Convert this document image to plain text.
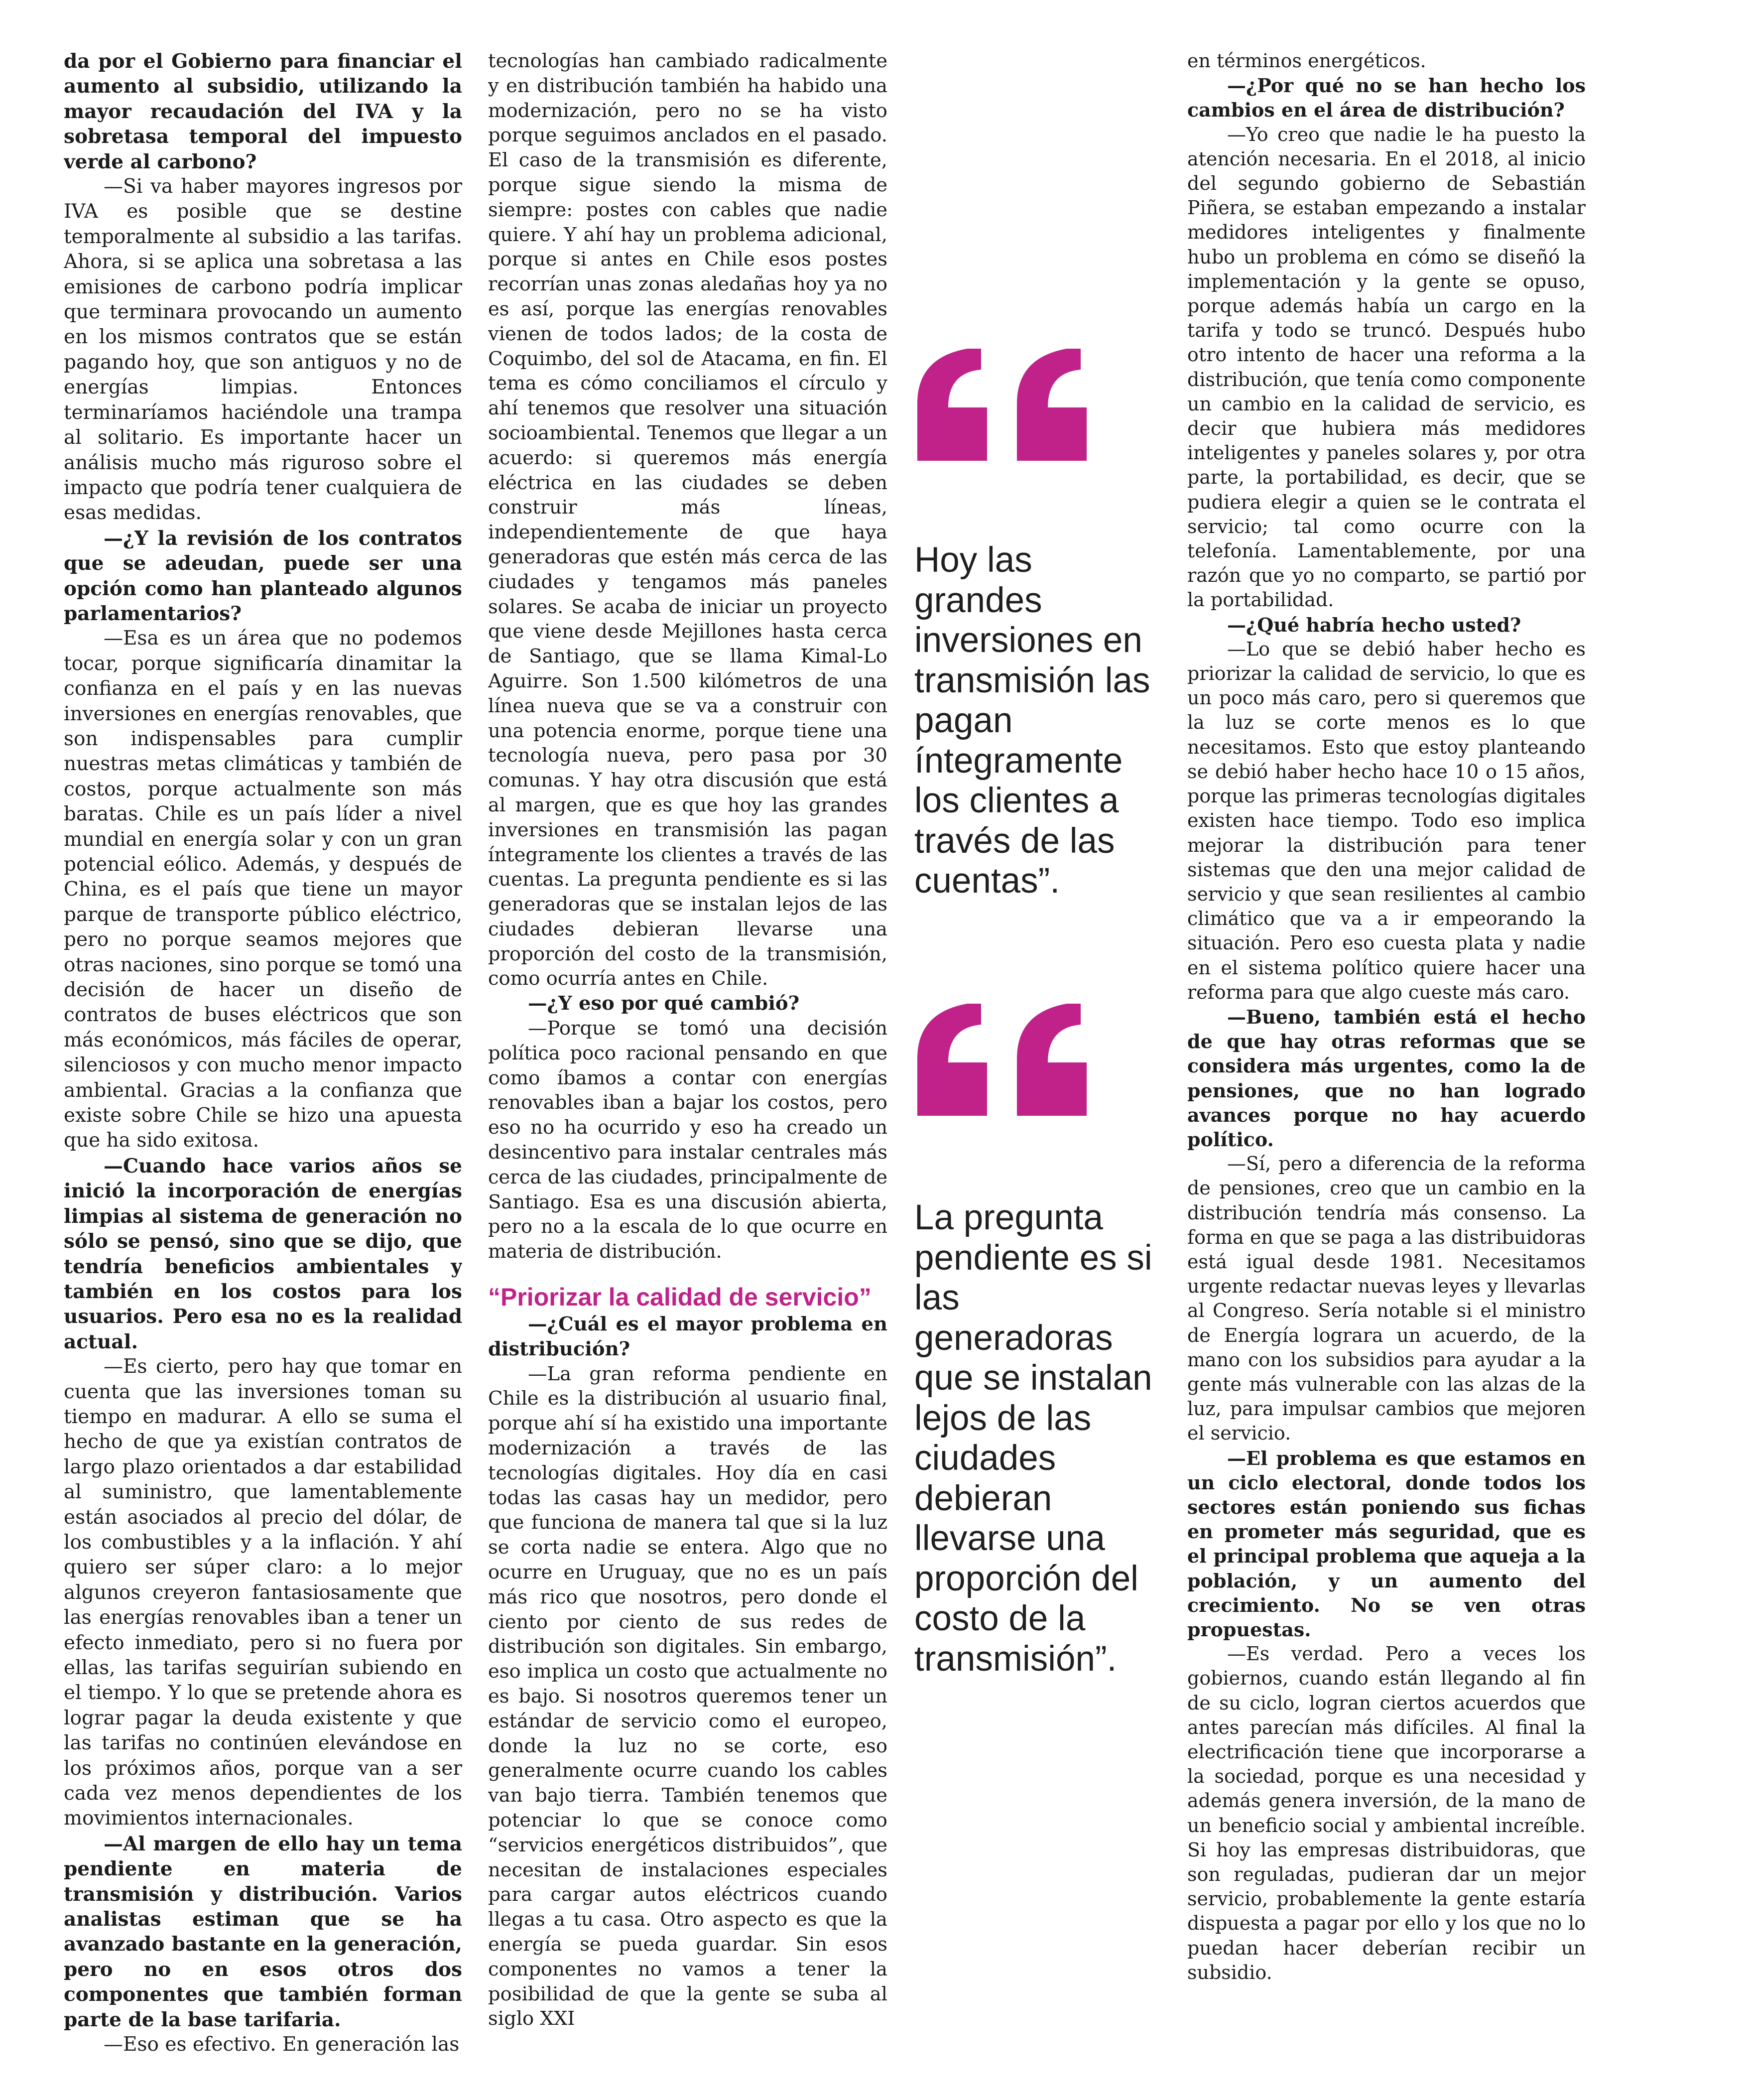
da por el Gobierno para financiar el aumento al subsidio, utilizando la mayor recaudación del IVA y la sobretasa temporal del impuesto verde al carbono?

—Si va haber mayores ingresos por IVA es posible que se destine temporalmente al subsidio a las tarifas. Ahora, si se aplica una sobretasa a las emisiones de carbono podría implicar que terminara provocando un aumento en los mismos contratos que se están pagando hoy, que son antiguos y no de energías limpias. Entonces terminaríamos haciéndole una trampa al solitario. Es importante hacer un análisis mucho más riguroso sobre el impacto que podría tener cualquiera de esas medidas.

—¿Y la revisión de los contratos que se adeudan, puede ser una opción como han planteado algunos parlamentarios?

—Esa es un área que no podemos tocar, porque significaría dinamitar la confianza en el país y en las nuevas inversiones en energías renovables, que son indispensables para cumplir nuestras metas climáticas y también de costos, porque actualmente son más baratas. Chile es un país líder a nivel mundial en energía solar y con un gran potencial eólico. Además, y después de China, es el país que tiene un mayor parque de transporte público eléctrico, pero no porque seamos mejores que otras naciones, sino porque se tomó una decisión de hacer un diseño de contratos de buses eléctricos que son más económicos, más fáciles de operar, silenciosos y con mucho menor impacto ambiental. Gracias a la confianza que existe sobre Chile se hizo una apuesta que ha sido exitosa.

—Cuando hace varios años se inició la incorporación de energías limpias al sistema de generación no sólo se pensó, sino que se dijo, que tendría beneficios ambientales y también en los costos para los usuarios. Pero esa no es la realidad actual.

—Es cierto, pero hay que tomar en cuenta que las inversiones toman su tiempo en madurar. A ello se suma el hecho de que ya existían contratos de largo plazo orientados a dar estabilidad al suministro, que lamentablemente están asociados al precio del dólar, de los combustibles y a la inflación. Y ahí quiero ser súper claro: a lo mejor algunos creyeron fantasiosamente que las energías renovables iban a tener un efecto inmediato, pero si no fuera por ellas, las tarifas seguirían subiendo en el tiempo. Y lo que se pretende ahora es lograr pagar la deuda existente y que las tarifas no continúen elevándose en los próximos años, porque van a ser cada vez menos dependientes de los movimientos internacionales.

—Al margen de ello hay un tema pendiente en materia de transmisión y distribución. Varios analistas estiman que se ha avanzado bastante en la generación, pero no en esos otros dos componentes que también forman parte de la base tarifaria.

—Eso es efectivo. En generación las

tecnologías han cambiado radicalmente y en distribución también ha habido una modernización, pero no se ha visto porque seguimos anclados en el pasado. El caso de la transmisión es diferente, porque sigue siendo la misma de siempre: postes con cables que nadie quiere. Y ahí hay un problema adicional, porque si antes en Chile esos postes recorrían unas zonas aledañas hoy ya no es así, porque las energías renovables vienen de todos lados; de la costa de Coquimbo, del sol de Atacama, en fin. El tema es cómo conciliamos el círculo y ahí tenemos que resolver una situación socioambiental. Tenemos que llegar a un acuerdo: si queremos más energía eléctrica en las ciudades se deben construir más líneas, independientemente de que haya generadoras que estén más cerca de las ciudades y tengamos más paneles solares. Se acaba de iniciar un proyecto que viene desde Mejillones hasta cerca de Santiago, que se llama Kimal-Lo Aguirre. Son 1.500 kilómetros de una línea nueva que se va a construir con una potencia enorme, porque tiene una tecnología nueva, pero pasa por 30 comunas. Y hay otra discusión que está al margen, que es que hoy las grandes inversiones en transmisión las pagan íntegramente los clientes a través de las cuentas. La pregunta pendiente es si las generadoras que se instalan lejos de las ciudades debieran llevarse una proporción del costo de la transmisión, como ocurría antes en Chile.

—¿Y eso por qué cambió?

—Porque se tomó una decisión política poco racional pensando en que como íbamos a contar con energías renovables iban a bajar los costos, pero eso no ha ocurrido y eso ha creado un desincentivo para instalar centrales más cerca de las ciudades, principalmente de Santiago. Esa es una discusión abierta, pero no a la escala de lo que ocurre en materia de distribución.

“Priorizar la calidad de servicio”

—¿Cuál es el mayor problema en distribución?

—La gran reforma pendiente en Chile es la distribución al usuario final, porque ahí sí ha existido una importante modernización a través de las tecnologías digitales. Hoy día en casi todas las casas hay un medidor, pero que funciona de manera tal que si la luz se corta nadie se entera. Algo que no ocurre en Uruguay, que no es un país más rico que nosotros, pero donde el ciento por ciento de sus redes de distribución son digitales. Sin embargo, eso implica un costo que actualmente no es bajo. Si nosotros queremos tener un estándar de servicio como el europeo, donde la luz no se corte, eso generalmente ocurre cuando los cables van bajo tierra. También tenemos que potenciar lo que se conoce como “servicios energéticos distribuidos”, que necesitan de instalaciones especiales para cargar autos eléctricos cuando llegas a tu casa. Otro aspecto es que la energía se pueda guardar. Sin esos componentes no vamos a tener la posibilidad de que la gente se suba al siglo XXI

Hoy las grandes inversiones en transmisión las pagan íntegramente los clientes a través de las cuentas”.

La pregunta pendiente es si las generadoras que se instalan lejos de las ciudades debieran llevarse una proporción del costo de la transmisión”.

en términos energéticos.

—¿Por qué no se han hecho los cambios en el área de distribución?

—Yo creo que nadie le ha puesto la atención necesaria. En el 2018, al inicio del segundo gobierno de Sebastián Piñera, se estaban empezando a instalar medidores inteligentes y finalmente hubo un problema en cómo se diseñó la implementación y la gente se opuso, porque además había un cargo en la tarifa y todo se truncó. Después hubo otro intento de hacer una reforma a la distribución, que tenía como componente un cambio en la calidad de servicio, es decir que hubiera más medidores inteligentes y paneles solares y, por otra parte, la portabilidad, es decir, que se pudiera elegir a quien se le contrata el servicio; tal como ocurre con la telefonía. Lamentablemente, por una razón que yo no comparto, se partió por la portabilidad.

—¿Qué habría hecho usted?

—Lo que se debió haber hecho es priorizar la calidad de servicio, lo que es un poco más caro, pero si queremos que la luz se corte menos es lo que necesitamos. Esto que estoy planteando se debió haber hecho hace 10 o 15 años, porque las primeras tecnologías digitales existen hace tiempo. Todo eso implica mejorar la distribución para tener sistemas que den una mejor calidad de servicio y que sean resilientes al cambio climático que va a ir empeorando la situación. Pero eso cuesta plata y nadie en el sistema político quiere hacer una reforma para que algo cueste más caro.

—Bueno, también está el hecho de que hay otras reformas que se considera más urgentes, como la de pensiones, que no han logrado avances porque no hay acuerdo político.

—Sí, pero a diferencia de la reforma de pensiones, creo que un cambio en la distribución tendría más consenso. La forma en que se paga a las distribuidoras está igual desde 1981. Necesitamos urgente redactar nuevas leyes y llevarlas al Congreso. Sería notable si el ministro de Energía lograra un acuerdo, de la mano con los subsidios para ayudar a la gente más vulnerable con las alzas de la luz, para impulsar cambios que mejoren el servicio.

—El problema es que estamos en un ciclo electoral, donde todos los sectores están poniendo sus fichas en prometer más seguridad, que es el principal problema que aqueja a la población, y un aumento del crecimiento. No se ven otras propuestas.

—Es verdad. Pero a veces los gobiernos, cuando están llegando al fin de su ciclo, logran ciertos acuerdos que antes parecían más difíciles. Al final la electrificación tiene que incorporarse a la sociedad, porque es una necesidad y además genera inversión, de la mano de un beneficio social y ambiental increíble. Si hoy las empresas distribuidoras, que son reguladas, pudieran dar un mejor servicio, probablemente la gente estaría dispuesta a pagar por ello y los que no lo puedan hacer deberían recibir un subsidio.
